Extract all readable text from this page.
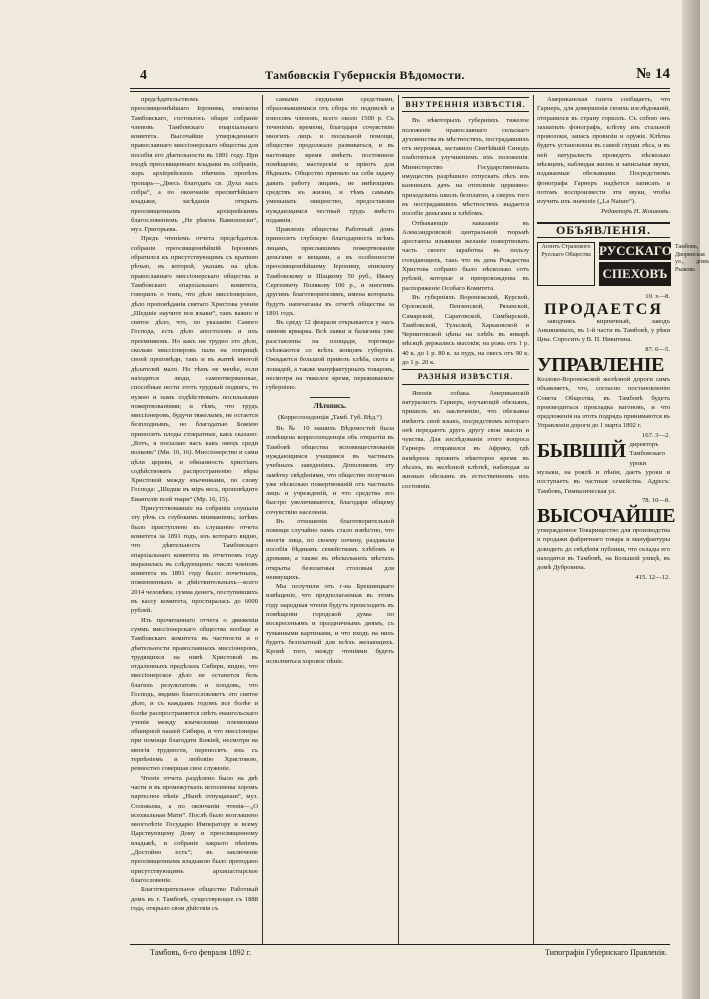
4	Тамбовскія Губернскія Вѣдомости.	№ 14

предсѣдательствомъ преосвященнѣйшаго Іеронима, епископа Тамбовскаго, состоялось общее собраніе членовъ Тамбовскаго епархіальнаго комитета. Высочайше утвержденнаго православнаго миссіонерскаго общества для пособія его дѣятельности въ 1891 году. При входѣ преосвященнаго владыки въ собраніе, хоръ архіерейскихъ пѣвчихъ пропѣлъ тропарь—„Днесь благодать св. Духа насъ собра“, а по окончаніи пресвятѣйшаго владыки, засѣданія открыть преосвященнымъ архіерейскимъ благословеніемъ „Не рѣкохъ Вавилонски“, муз. Григорьева.

Предъ чтеніемъ отчета предсѣдатель собранія преосвященнѣйшій Іеронимъ обратился къ присутствующимъ съ краткою рѣчью, въ которой, указавъ на цѣль православнаго миссіонерскаго общества и Тамбовскаго епархіальнаго комитета, говорилъ о томъ, что дѣло миссіонерское, дѣло проповѣданія святаго Христова ученія „Шедшіе научите вся языки“, такъ важно и святое дѣло, что, по указанію Самого Господа, есть дѣло апостоловъ и ихъ преемниковъ. Но какъ ни трудно это дѣло, сколько миссіонеровъ пали на поприщѣ своей проповѣди, такъ и въ жатвѣ многой дѣлателей мало. Но тѣмъ не менѣе, если находятся люди, самоотверженные, способные нести этотъ трудный подвигъ, то нужно и намъ содѣйствовать посильными пожертвованіями; и тѣмъ, что трудъ миссіонеровъ, будучи тяжелымъ, не остается безплоднымъ, но благодатью Божіею приноситъ плоды стократные, какъ сказано: „Вотъ, я посылаю васъ какъ овецъ среди волковъ“ (Мѳ. 10, 16). Миссіонерство и сами цѣли церкви, и обязанность христіанъ содѣйствовать распространенію вѣры Христовой между язычниками, по слову Господа: „Шедше въ міръ весь, проповѣдите Евангеліе всей твари“ (Мр. 16, 15).

Присутствовавшіе на собраніи слушали эту рѣчь съ глубокимъ вниманіемъ; затѣмъ было приступлено къ слушанію отчета комитета за 1891 годъ, изъ котораго видно, что дѣятельность Тамбовскаго епархіальнаго комитета въ отчетномъ году выразилась въ слѣдующемъ: число членовъ комитета въ 1891 году было: почетныхъ, пожизненныхъ и дѣйствительныхъ—всего 2014 человѣкъ; сумма денегъ, поступившихъ въ кассу комитета, простиралась до 6000 рублей.

Изъ прочитаннаго отчета о движеніи суммъ миссіонерскаго общества вообще и Тамбовскаго комитета въ частности и о дѣятельности православныхъ миссіонеровъ, трудящихся на нивѣ Христовой въ отдаленныхъ предѣлахъ Сибири, видно, что миссіонерское дѣло не останется безъ благихъ результатовъ и плодовъ, что Господь, видимо благословляетъ это святое дѣло, и съ каждымъ годомъ все болѣе и болѣе распространяется свѣтъ евангельскаго ученія между языческими племенами обширной нашей Сибири, и что миссіонеры при помощи благодати Божіей, несмотря на многія трудности, переносятъ ихъ съ терпѣніемъ и любовію Христовою, ревностно совершая свое служеніе.

Чтеніе отчета раздѣлено было на двѣ части и въ промежуткахъ исполнены хоромъ партесное пѣніе „Нынѣ отпущаеши“, муз. Соловьева, а по окончаніи чтенія—„О всехвальная Мати“. Послѣ было возглашено многолѣтіе Государю Императору и всему Царствующему Дому и преосвященному владыкѣ, и собраніе закрыто пѣніемъ „Достойно есть“; въ заключеніе преосвященнымъ владыкою было преподано присутствующимъ архипастырское благословеніе.

Благотворительное общество Работный домъ въ г. Тамбовѣ, существующее съ 1888 года, открыло свои дѣйствія съ

самыми скудными средствами, образовавшимися отъ сбора по подпискѣ и взносовъ членовъ, всего около 1500 р. Съ теченіемъ времени, благодаря сочувствію многихъ лицъ и посильной помощи, общество продолжало развиваться, и въ настоящее время имѣетъ постоянное помѣщеніе, мастерскія и пріютъ для бѣдныхъ. Общество приняло на себя задачу давать работу лицамъ, не имѣющимъ средствъ къ жизни, и тѣмъ самымъ уменьшать нищенство, предоставляя нуждающимся честный трудъ вмѣсто подаянія.

Правленіе общества Работный домъ приноситъ глубокую благодарность всѣмъ лицамъ, приславшимъ пожертвованія деньгами и вещами, а въ особенности преосвященнѣйшему Іерониму, епископу Тамбовскому и Шацкому 50 руб., Ивану Сергеевичу Полякову 100 р., и многимъ другимъ благотворителямъ, имена которыхъ будутъ напечатаны въ отчетѣ общества за 1891 годъ.

Въ среду 12 февраля открывается у насъ зимняя ярмарка. Всѣ лавки и балаганы уже разставлены на площади, торговцы съѣзжаются со всѣхъ концовъ губерніи. Ожидается большой привозъ хлѣба, скота и лошадей, а также мануфактурныхъ товаровъ, несмотря на тяжелое время, переживаемое губерніею.

Лѣтопись.
(Корреспонденція „Тамб. Губ. Вѣд.“)

Въ № 10 нашихъ Вѣдомостей была помѣщена корреспонденція объ открытіи въ Тамбовѣ общества вспомоществованія нуждающимся учащимся въ частныхъ учебныхъ заведеніяхъ. Дополняемъ эту замѣтку свѣдѣніями, что общество получило уже нѣсколько пожертвованій отъ частныхъ лицъ и учрежденій, и что средства его быстро увеличиваются, благодаря общему сочувствію населенія.

Въ отношеніи благотворительной помощи случайно намъ стало извѣстно, что многія лица, по своему почину, раздавали пособія бѣднымъ семействамъ хлѣбомъ и дровами, а также въ нѣсколькихъ мѣстахъ открыты безплатныя столовыя для неимущихъ.

Мы получили отъ г-на Брешинцкаго извѣщеніе, что предполагаемыя въ этомъ году народныя чтенія будутъ происходить въ помѣщеніи городской думы по воскресеньямъ и праздничнымъ днямъ, съ туманными картинами, и что входъ на нихъ будетъ безплатный для всѣхъ желающихъ. Кромѣ того, между чтеніями будетъ исполняться хоровое пѣніе.

ВНУТРЕННІЯ ИЗВѢСТІЯ.

Въ нѣкоторыхъ губерніяхъ тяжелое положеніе православнаго сельскаго духовенства въ мѣстностяхъ, пострадавшихъ отъ неурожая, заставило Святѣйшій Синодъ озаботиться улучшеніемъ ихъ положенія. Министерство Государственныхъ имуществъ разрѣшило отпускать лѣсъ изъ казенныхъ дачъ на отопленіе церковно-приходскихъ школъ безплатно, а сверхъ того въ пострадавшихъ мѣстностяхъ выдается пособіе деньгами и хлѣбомъ.

Отбывающіе наказаніе въ Александровской центральной тюрьмѣ арестанты изъявили желаніе пожертвовать часть своего заработка въ пользу голодающихъ, такъ что въ день Рождества Христова собрано было нѣсколько сотъ рублей, которые и препровождены въ распоряженіе Особаго Комитета.

Въ губерніяхъ Воронежской, Курской, Орловской, Пензенской, Рязанской, Самарской, Саратовской, Симбирской, Тамбовской, Тульской, Харьковской и Черниговской цѣны на хлѣбъ въ январѣ мѣсяцѣ держались высокія; на рожь отъ 1 р. 40 к. до 1 р. 80 к. за пудъ, на овесъ отъ 90 к. до 1 р. 20 к.

РАЗНЫЯ ИЗВѢСТІЯ.

Японія собака. Американскій натуралистъ Гарнеръ, изучающій обезьянъ, пришелъ къ заключенію, что обезьяны имѣютъ свой языкъ, посредствомъ котораго онѣ передаютъ другъ другу свои мысли и чувства. Для изслѣдованія этого вопроса Гарнеръ отправился въ Африку, гдѣ намѣренъ прожить нѣкоторое время въ лѣсахъ, въ желѣзной клѣткѣ, наблюдая за жизнью обезьянъ въ естественномъ ихъ состояніи.

Американская газета сообщаетъ, что Гарнеръ, для довершенія своихъ изслѣдованій, отправился въ страну гориллъ. Съ собою онъ захватилъ фонографъ, клѣтку изъ стальной проволоки, запасъ провизіи и оружіе. Клѣтка будетъ установлена въ самой глуши лѣса, и въ ней натуралистъ проведетъ нѣсколько мѣсяцевъ, наблюдая жизнь и записывая звуки, издаваемые обезьянами. Посредствомъ фонографа Гарнеръ надѣется записать и потомъ воспроизвести эти звуки, чтобы изучить ихъ значеніе („La Nature“).

Редакторъ Н. Жошковъ.
ОБЪЯВЛЕНІЯ.
Агентъ Страхового Русскаго Общества РУССКАГО
СПЕХОВЪ
Тамбовъ, Дворянская ул., домъ Рыжова
10. х—8.
ПРОДАЕТСЯ

заводчикъ кирпичный, заводъ Анкишевыхъ, въ 1-й части въ Тамбовѣ, у рѣки Цны. Спросить у В. П. Никитина.

87. 6—5.
УПРАВЛЕНІЕ
Козлово-Воронежской желѣзной дороги симъ объявляетъ, что, согласно постановленію Совета Общества, въ Тамбовѣ будетъ производиться прокладка вагоновъ, и что предложенія на этотъ подрядъ принимаются въ Управленіи дороги до 1 марта 1892 г.
167. 3—2.
БЫВШІЙ директоръ Тамбовскаго уроки музыки, на роялѣ и пѣніи, даетъ уроки и поступаетъ въ частныя семейства. Адресъ: Тамбовъ, Гимназическая ул.
78. 10—8.
ВЫСОЧАЙШЕ
утвержденное Товарищество для производства и продажи фабричнаго товара и мануфактуры доводитъ до свѣдѣнія публики, что склады его находятся въ Тамбовѣ, на Большой улицѣ, въ домѣ Дубровина.
415. 12—12.
Тамбовъ, 6-го февраля 1892 г.	Типографія Губернскаго Правленія.
